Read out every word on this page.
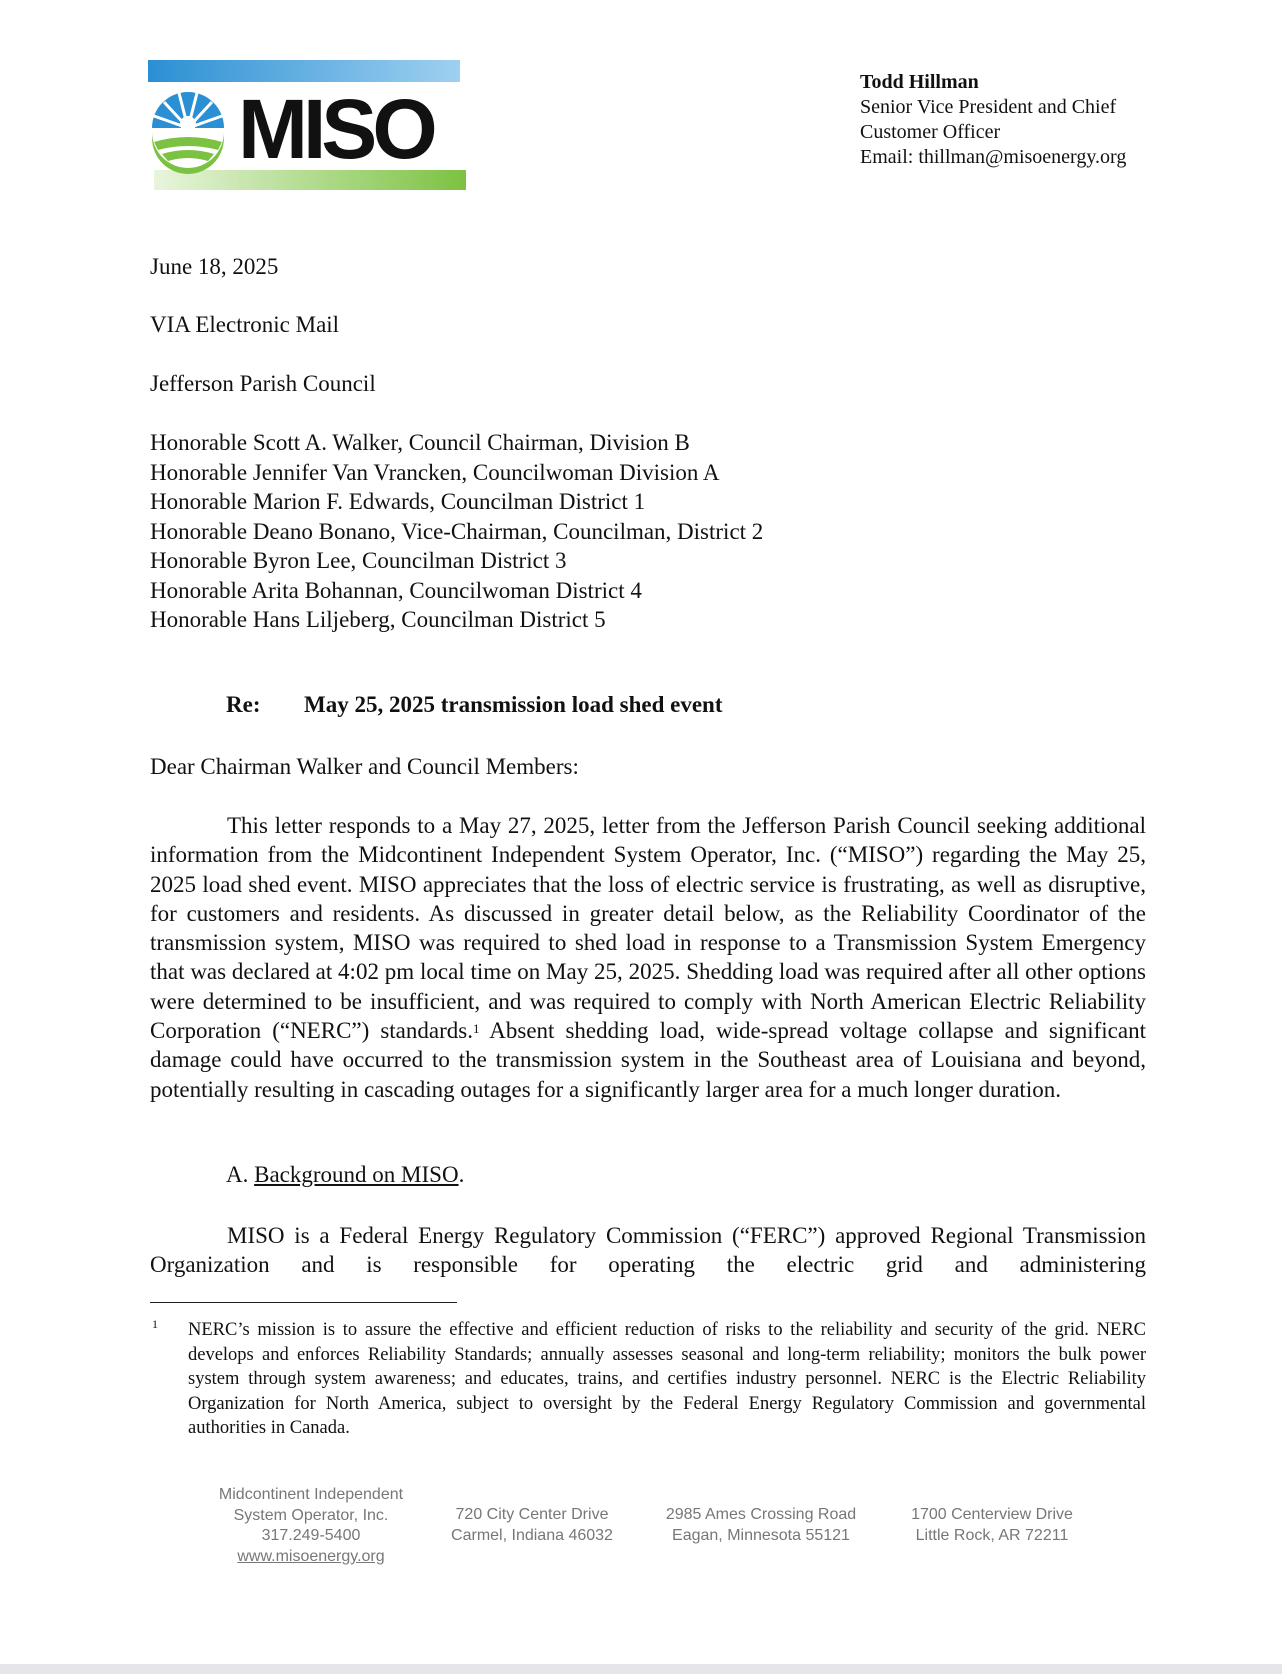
MISO	Todd Hillman
Senior Vice President and Chief
Customer Officer
Email: thillman@misoenergy.org
June 18, 2025
VIA Electronic Mail
Jefferson Parish Council
Honorable Scott A. Walker, Council Chairman, Division B
Honorable Jennifer Van Vrancken, Councilwoman Division A
Honorable Marion F. Edwards, Councilman District 1
Honorable Deano Bonano, Vice-Chairman, Councilman, District 2
Honorable Byron Lee, Councilman District 3
Honorable Arita Bohannan, Councilwoman District 4
Honorable Hans Liljeberg, Councilman District 5
Re: May 25, 2025 transmission load shed event
Dear Chairman Walker and Council Members:
This letter responds to a May 27, 2025, letter from the Jefferson Parish Council seeking additional information from the Midcontinent Independent System Operator, Inc. (“MISO”) regarding the May 25, 2025 load shed event. MISO appreciates that the loss of electric service is frustrating, as well as disruptive, for customers and residents. As discussed in greater detail below, as the Reliability Coordinator of the transmission system, MISO was required to shed load in response to a Transmission System Emergency that was declared at 4:02 pm local time on May 25, 2025. Shedding load was required after all other options were determined to be insufficient, and was required to comply with North American Electric Reliability Corporation (“NERC”) standards.$^1$ Absent shedding load, wide-spread voltage collapse and significant damage could have occurred to the transmission system in the Southeast area of Louisiana and beyond, potentially resulting in cascading outages for a significantly larger area for a much longer duration.
A. Background on MISO.
MISO is a Federal Energy Regulatory Commission (“FERC”) approved Regional Transmission Organization and is responsible for operating the electric grid and administering
1 NERC’s mission is to assure the effective and efficient reduction of risks to the reliability and security of the grid. NERC develops and enforces Reliability Standards; annually assesses seasonal and long-term reliability; monitors the bulk power system through system awareness; and educates, trains, and certifies industry personnel. NERC is the Electric Reliability Organization for North America, subject to oversight by the Federal Energy Regulatory Commission and governmental authorities in Canada.
Midcontinent Independent
System Operator, Inc.
317.249-5400
www.misoenergy.org
720 City Center Drive
Carmel, Indiana 46032
2985 Ames Crossing Road
Eagan, Minnesota 55121
1700 Centerview Drive
Little Rock, AR 72211
